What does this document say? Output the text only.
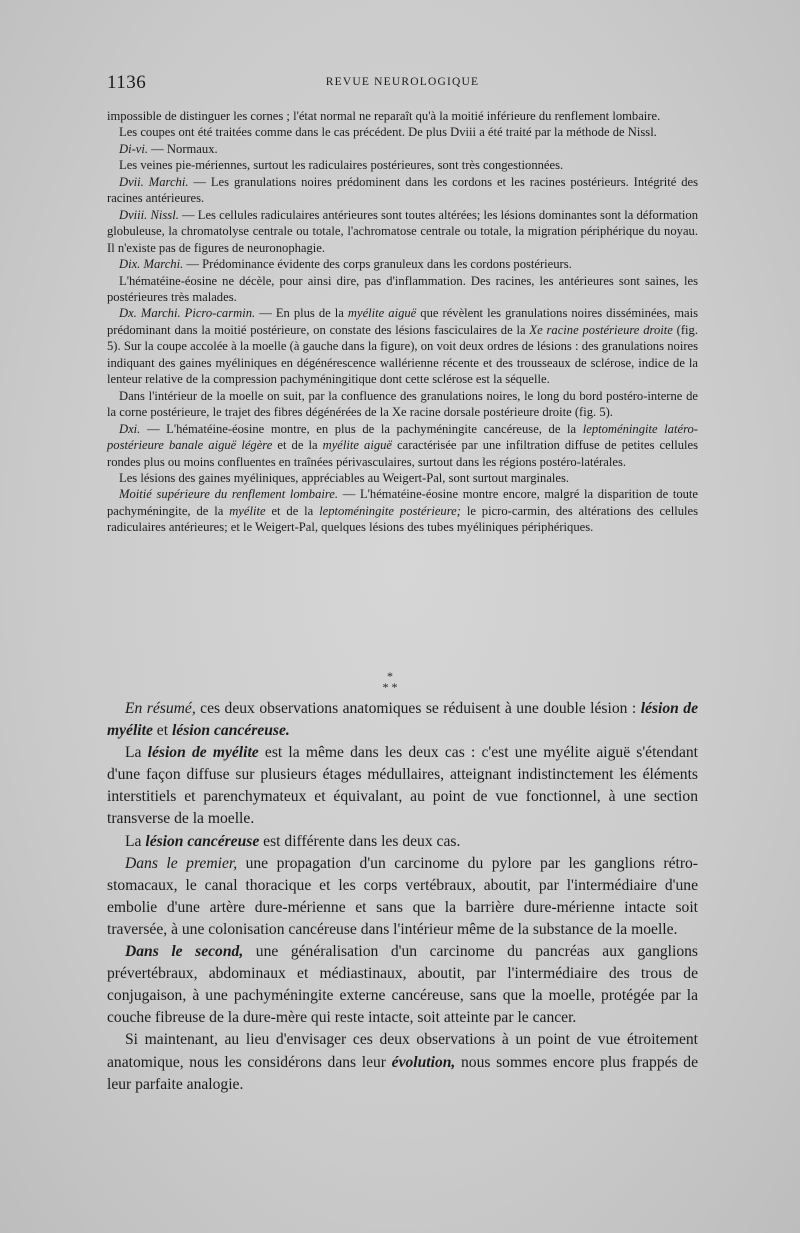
1136	REVUE NEUROLOGIQUE

impossible de distinguer les cornes ; l'état normal ne reparaît qu'à la moitié inférieure du renflement lombaire.

Les coupes ont été traitées comme dans le cas précédent. De plus Dviii a été traité par la méthode de Nissl.

Di-vi. — Normaux.

Les veines pie-mériennes, surtout les radiculaires postérieures, sont très congestionnées.

Dvii. Marchi. — Les granulations noires prédominent dans les cordons et les racines postérieurs. Intégrité des racines antérieures.

Dviii. Nissl. — Les cellules radiculaires antérieures sont toutes altérées; les lésions dominantes sont la déformation globuleuse, la chromatolyse centrale ou totale, l'achromatose centrale ou totale, la migration périphérique du noyau. Il n'existe pas de figures de neuronophagie.

Dix. Marchi. — Prédominance évidente des corps granuleux dans les cordons postérieurs.

L'hématéine-éosine ne décèle, pour ainsi dire, pas d'inflammation. Des racines, les antérieures sont saines, les postérieures très malades.

Dx. Marchi. Picro-carmin. — En plus de la myélite aiguë que révèlent les granulations noires disséminées, mais prédominant dans la moitié postérieure, on constate des lésions fasciculaires de la Xe racine postérieure droite (fig. 5). Sur la coupe accolée à la moelle (à gauche dans la figure), on voit deux ordres de lésions : des granulations noires indiquant des gaines myéliniques en dégénérescence wallérienne récente et des trousseaux de sclérose, indice de la lenteur relative de la compression pachyméningitique dont cette sclérose est la séquelle.

Dans l'intérieur de la moelle on suit, par la confluence des granulations noires, le long du bord postéro-interne de la corne postérieure, le trajet des fibres dégénérées de la Xe racine dorsale postérieure droite (fig. 5).

Dxi. — L'hématéine-éosine montre, en plus de la pachyméningite cancéreuse, de la leptoméningite latéro-postérieure banale aiguë légère et de la myélite aiguë caractérisée par une infiltration diffuse de petites cellules rondes plus ou moins confluentes en traînées périvasculaires, surtout dans les régions postéro-latérales.

Les lésions des gaines myéliniques, appréciables au Weigert-Pal, sont surtout marginales.

Moitié supérieure du renflement lombaire. — L'hématéine-éosine montre encore, malgré la disparition de toute pachyméningite, de la myélite et de la leptoméningite postérieure; le picro-carmin, des altérations des cellules radiculaires antérieures; et le Weigert-Pal, quelques lésions des tubes myéliniques périphériques.

*
* *

En résumé, ces deux observations anatomiques se réduisent à une double lésion : lésion de myélite et lésion cancéreuse.

La lésion de myélite est la même dans les deux cas : c'est une myélite aiguë s'étendant d'une façon diffuse sur plusieurs étages médullaires, atteignant indistinctement les éléments interstitiels et parenchymateux et équivalant, au point de vue fonctionnel, à une section transverse de la moelle.

La lésion cancéreuse est différente dans les deux cas.

Dans le premier, une propagation d'un carcinome du pylore par les ganglions rétro-stomacaux, le canal thoracique et les corps vertébraux, aboutit, par l'intermédiaire d'une embolie d'une artère dure-mérienne et sans que la barrière dure-mérienne intacte soit traversée, à une colonisation cancéreuse dans l'intérieur même de la substance de la moelle.

Dans le second, une généralisation d'un carcinome du pancréas aux ganglions prévertébraux, abdominaux et médiastinaux, aboutit, par l'intermédiaire des trous de conjugaison, à une pachyméningite externe cancéreuse, sans que la moelle, protégée par la couche fibreuse de la dure-mère qui reste intacte, soit atteinte par le cancer.

Si maintenant, au lieu d'envisager ces deux observations à un point de vue étroitement anatomique, nous les considérons dans leur évolution, nous sommes encore plus frappés de leur parfaite analogie.
